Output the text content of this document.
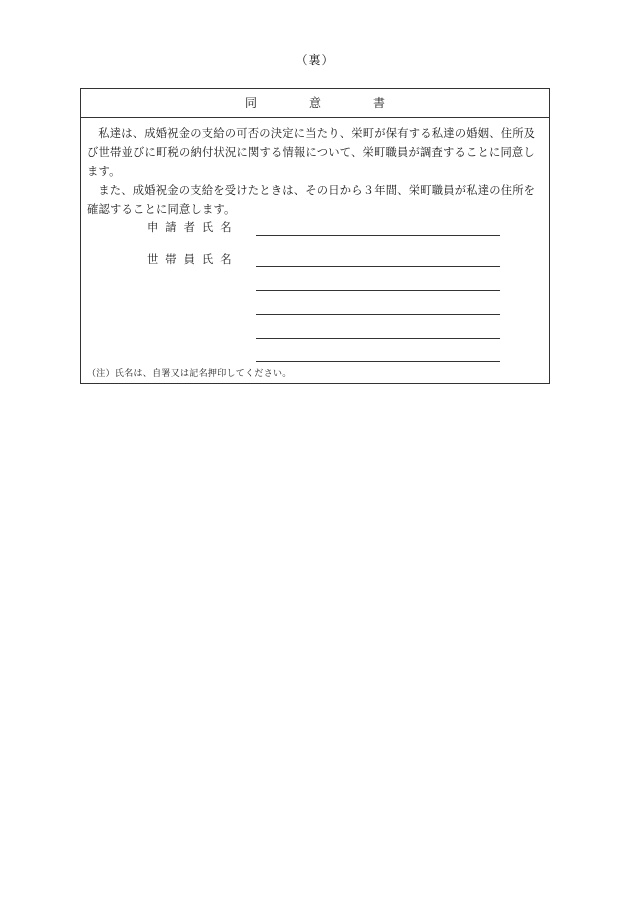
（裏）
同　意　書

私達は、成婚祝金の支給の可否の決定に当たり、栄町が保有する私達の婚姻、住所及び世帯並びに町税の納付状況に関する情報について、栄町職員が調査することに同意します。

また、成婚祝金の支給を受けたときは、その日から３年間、栄町職員が私達の住所を確認することに同意します。

申請者氏名
世帯員氏名
（注）氏名は、自署又は記名押印してください。
